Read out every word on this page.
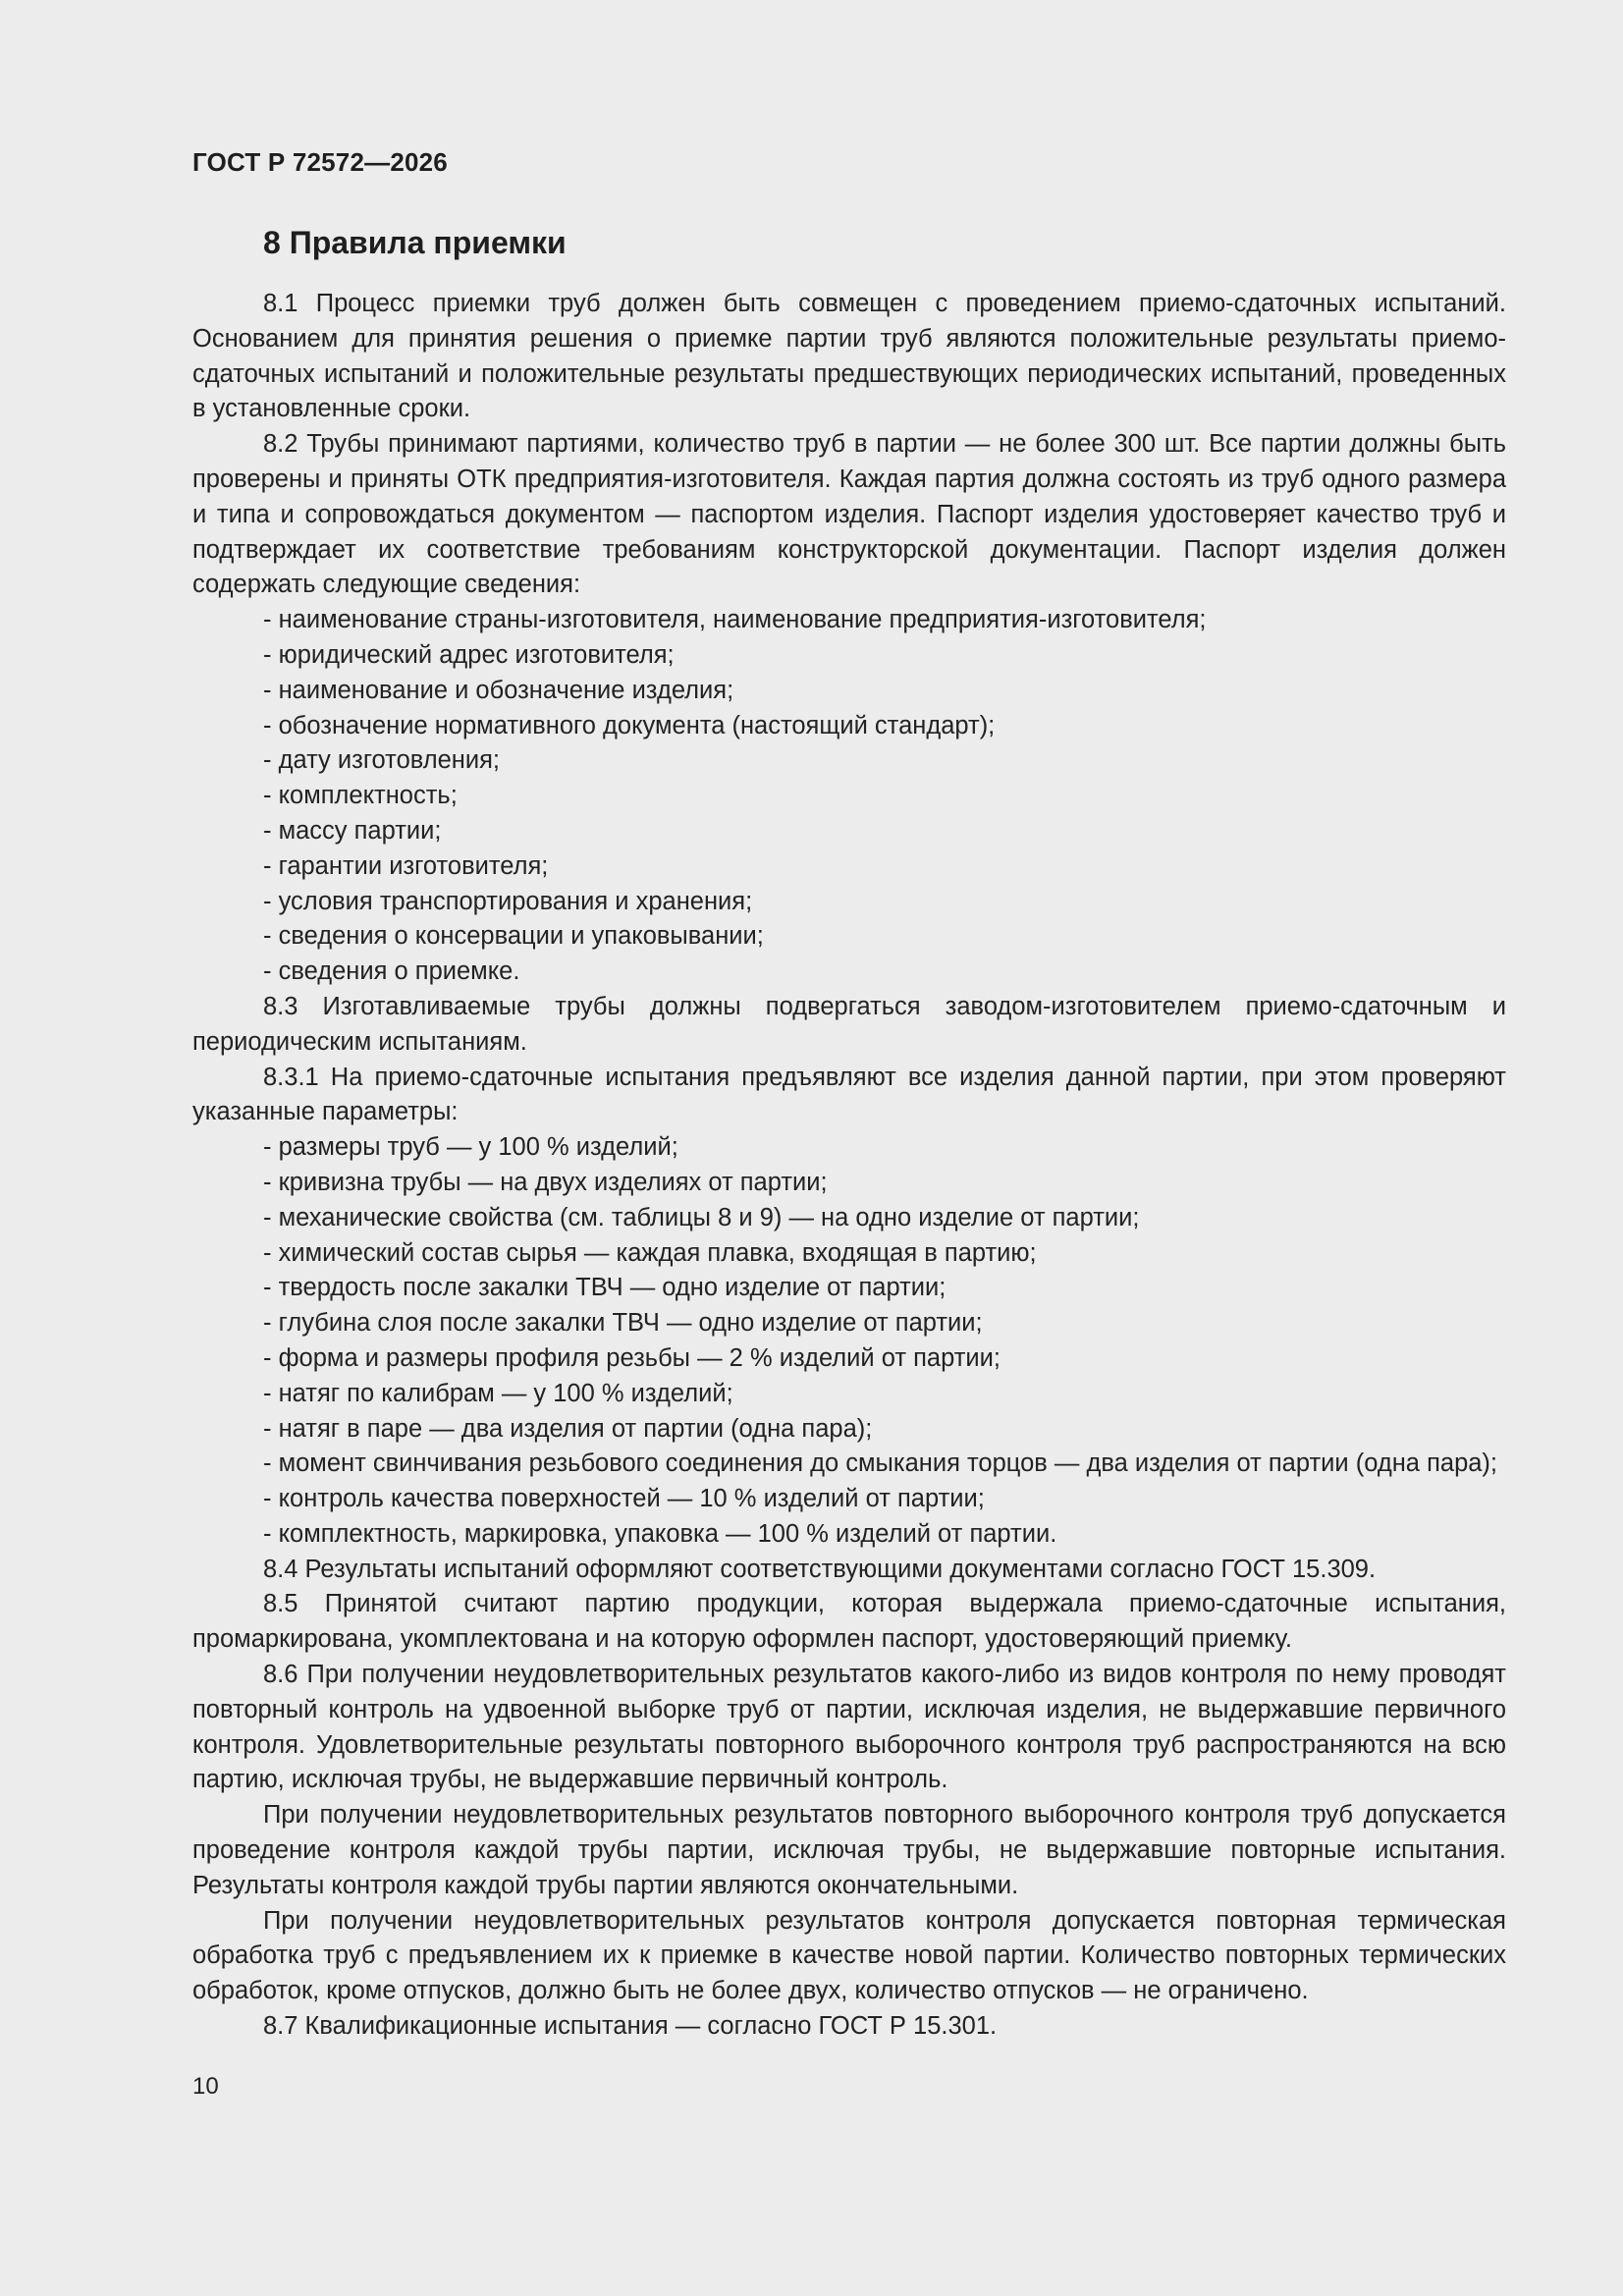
ГОСТ Р 72572—2026
8 Правила приемки

8.1 Процесс приемки труб должен быть совмещен с проведением приемо-сдаточных испытаний. Основанием для принятия решения о приемке партии труб являются положительные результаты приемо-сдаточных испытаний и положительные результаты предшествующих периодических испытаний, проведенных в установленные сроки.

8.2 Трубы принимают партиями, количество труб в партии — не более 300 шт. Все партии должны быть проверены и приняты ОТК предприятия-изготовителя. Каждая партия должна состоять из труб одного размера и типа и сопровождаться документом — паспортом изделия. Паспорт изделия удостоверяет качество труб и подтверждает их соответствие требованиям конструкторской документации. Паспорт изделия должен содержать следующие сведения:

- наименование страны-изготовителя, наименование предприятия-изготовителя;

- юридический адрес изготовителя;

- наименование и обозначение изделия;

- обозначение нормативного документа (настоящий стандарт);

- дату изготовления;

- комплектность;

- массу партии;

- гарантии изготовителя;

- условия транспортирования и хранения;

- сведения о консервации и упаковывании;

- сведения о приемке.

8.3 Изготавливаемые трубы должны подвергаться заводом-изготовителем приемо-сдаточным и периодическим испытаниям.

8.3.1 На приемо-сдаточные испытания предъявляют все изделия данной партии, при этом проверяют указанные параметры:

- размеры труб — у 100 % изделий;

- кривизна трубы — на двух изделиях от партии;

- механические свойства (см. таблицы 8 и 9) — на одно изделие от партии;

- химический состав сырья — каждая плавка, входящая в партию;

- твердость после закалки ТВЧ — одно изделие от партии;

- глубина слоя после закалки ТВЧ — одно изделие от партии;

- форма и размеры профиля резьбы — 2 % изделий от партии;

- натяг по калибрам — у 100 % изделий;

- натяг в паре — два изделия от партии (одна пара);

- момент свинчивания резьбового соединения до смыкания торцов — два изделия от партии (одна пара);

- контроль качества поверхностей — 10 % изделий от партии;

- комплектность, маркировка, упаковка — 100 % изделий от партии.

8.4 Результаты испытаний оформляют соответствующими документами согласно ГОСТ 15.309.

8.5 Принятой считают партию продукции, которая выдержала приемо-сдаточные испытания, промаркирована, укомплектована и на которую оформлен паспорт, удостоверяющий приемку.

8.6 При получении неудовлетворительных результатов какого-либо из видов контроля по нему проводят повторный контроль на удвоенной выборке труб от партии, исключая изделия, не выдержавшие первичного контроля. Удовлетворительные результаты повторного выборочного контроля труб распространяются на всю партию, исключая трубы, не выдержавшие первичный контроль.

При получении неудовлетворительных результатов повторного выборочного контроля труб допускается проведение контроля каждой трубы партии, исключая трубы, не выдержавшие повторные испытания. Результаты контроля каждой трубы партии являются окончательными.

При получении неудовлетворительных результатов контроля допускается повторная термическая обработка труб с предъявлением их к приемке в качестве новой партии. Количество повторных термических обработок, кроме отпусков, должно быть не более двух, количество отпусков — не ограничено.

8.7 Квалификационные испытания — согласно ГОСТ Р 15.301.

10
